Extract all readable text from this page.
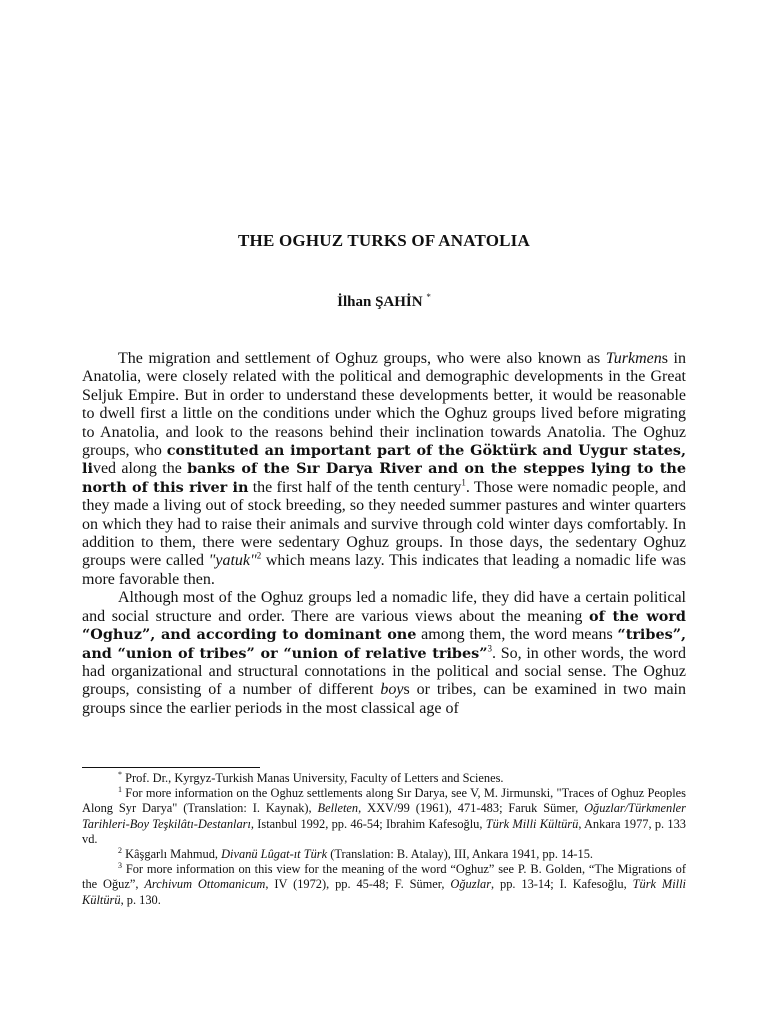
THE OGHUZ TURKS OF ANATOLIA
İlhan ŞAHİN *

The migration and settlement of Oghuz groups, who were also known as Turkmens in Anatolia, were closely related with the political and demographic developments in the Great Seljuk Empire. But in order to understand these developments better, it would be reasonable to dwell first a little on the conditions under which the Oghuz groups lived before migrating to Anatolia, and look to the reasons behind their inclination towards Anatolia. The Oghuz groups, who constituted an important part of the Göktürk and Uygur states, lived along the banks of the Sır Darya River and on the steppes lying to the north of this river in the first half of the tenth century$^1$. Those were nomadic people, and they made a living out of stock breeding, so they needed summer pastures and winter quarters on which they had to raise their animals and survive through cold winter days comfortably. In addition to them, there were sedentary Oghuz groups. In those days, the sedentary Oghuz groups were called "yatuk"$^2$ which means lazy. This indicates that leading a nomadic life was more favorable then.

Although most of the Oghuz groups led a nomadic life, they did have a certain political and social structure and order. There are various views about the meaning of the word “Oghuz”, and according to dominant one among them, the word means “tribes”, and “union of tribes” or “union of relative tribes”$^3$. So, in other words, the word had organizational and structural connotations in the political and social sense. The Oghuz groups, consisting of a number of different boys or tribes, can be examined in two main groups since the earlier periods in the most classical age of

* Prof. Dr., Kyrgyz-Turkish Manas University, Faculty of Letters and Scienes.

$^1$ For more information on the Oghuz settlements along Sır Darya, see V, M. Jirmunski, "Traces of Oghuz Peoples Along Syr Darya" (Translation: I. Kaynak), Belleten, XXV/99 (1961), 471-483; Faruk Sümer, Oğuzlar/Türkmenler Tarihleri-Boy Teşkilâtı-Destanları, Istanbul 1992, pp. 46-54; Ibrahim Kafesoğlu, Türk Milli Kültürü, Ankara 1977, p. 133 vd.

$^2$ Kâşgarlı Mahmud, Divanü Lûgat-ıt Türk (Translation: B. Atalay), III, Ankara 1941, pp. 14-15.

$^3$ For more information on this view for the meaning of the word “Oghuz” see P. B. Golden, “The Migrations of the Oğuz”, Archivum Ottomanicum, IV (1972), pp. 45-48; F. Sümer, Oğuzlar, pp. 13-14; I. Kafesoğlu, Türk Milli Kültürü, p. 130.
